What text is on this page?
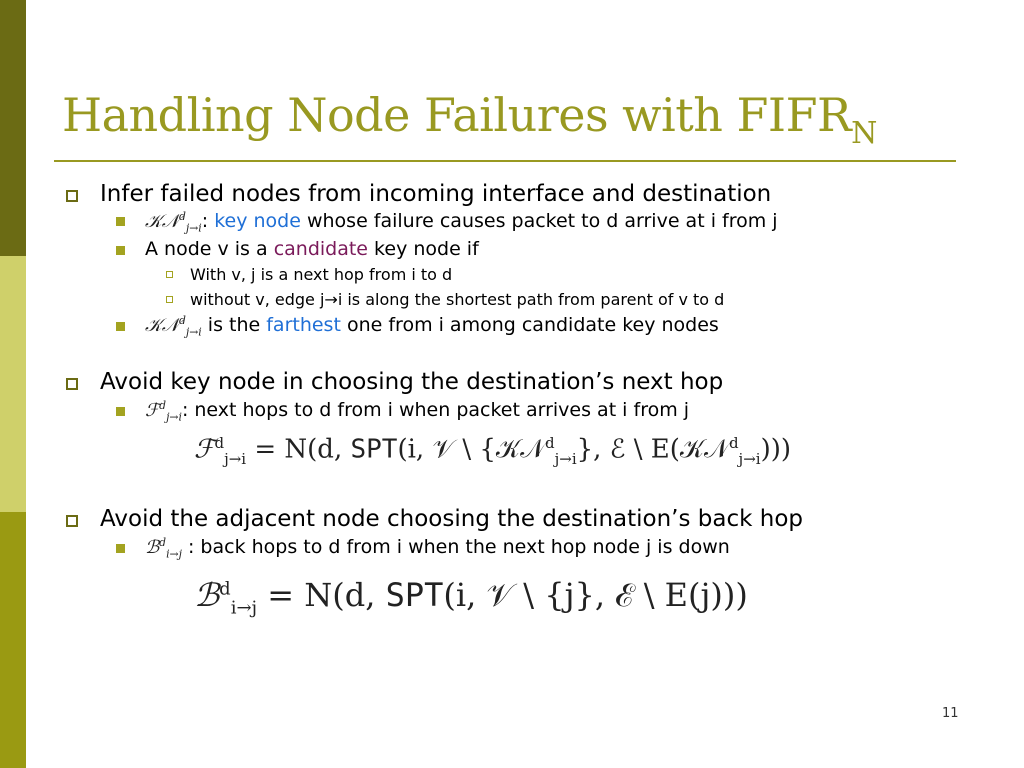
Handling Node Failures with $FIFR_N$
Infer failed nodes from incoming interface and destination
𝒦𝒩$^d_{j\to i}$: key node whose failure causes packet to d arrive at i from j
A node v is a candidate key node if
With v, j is a next hop from i to d
without v, edge j→i is along the shortest path from parent of v to d
𝒦𝒩$^d_{j\to i}$ is the farthest one from i among candidate key nodes
Avoid key node in choosing the destination’s next hop
ℱ$^d_{j\to i}$: next hops to d from i when packet arrives at i from j
ℱ$^d_{j\to i}$ = N(d, SPT(i, 𝒱 \ {𝒦𝒩$^d_{j\to i}$}, ℰ \ E(𝒦𝒩$^d_{j\to i}$)))
Avoid the adjacent node choosing the destination’s back hop
ℬ$^d_{i\to j}$ : back hops to d from i when the next hop node j is down
ℬ$^d_{i\to j}$ = N(d, SPT(i, 𝒱 \ {j}, ℰ \ E(j)))
11
